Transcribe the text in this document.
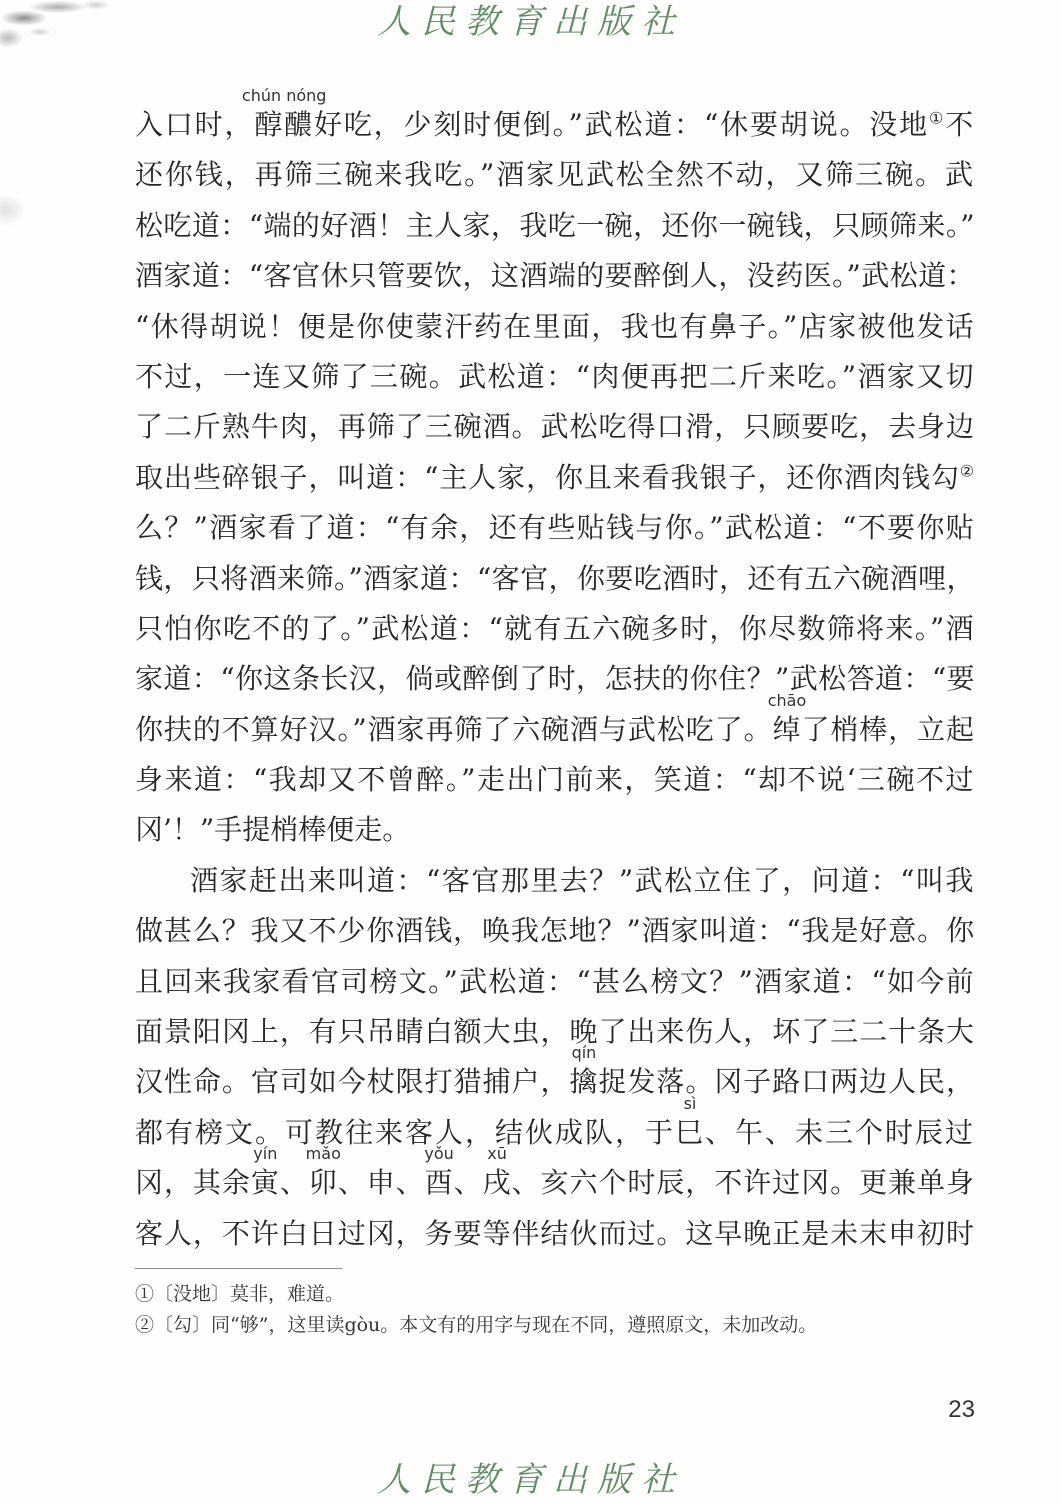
人民教育出版社
入口时，醇醲
chún nóng
好吃，少刻时便倒。”武松道：“休要胡说。没地①不
还你钱，再筛三碗来我吃。”酒家见武松全然不动，又筛三碗。武
松吃道：“端的好酒！主人家，我吃一碗，还你一碗钱，只顾筛来。”
酒家道：“客官休只管要饮，这酒端的要醉倒人，没药医。”武松道：
“休得胡说！便是你使蒙汗药在里面，我也有鼻子。”店家被他发话
不过，一连又筛了三碗。武松道：“肉便再把二斤来吃。”酒家又切
了二斤熟牛肉，再筛了三碗酒。武松吃得口滑，只顾要吃，去身边
取出些碎银子，叫道：“主人家，你且来看我银子，还你酒肉钱勾②
么？”酒家看了道：“有余，还有些贴钱与你。”武松道：“不要你贴
钱，只将酒来筛。”酒家道：“客官，你要吃酒时，还有五六碗酒哩，
只怕你吃不的了。”武松道：“就有五六碗多时，你尽数筛将来。”酒
家道：“你这条长汉，倘或醉倒了时，怎扶的你住？”武松答道：“要
你扶的不算好汉。”酒家再筛了六碗酒与武松吃了。绰
chāo
了梢棒，立起
身来道：“我却又不曾醉。”走出门前来，笑道：“却不说‘三碗不过
冈’！”手提梢棒便走。
酒家赶出来叫道：“客官那里去？”武松立住了，问道：“叫我
做甚么？我又不少你酒钱，唤我怎地？”酒家叫道：“我是好意。你
且回来我家看官司榜文。”武松道：“甚么榜文？”酒家道：“如今前
面景阳冈上，有只吊睛白额大虫，晚了出来伤人，坏了三二十条大
汉性命。官司如今杖限打猎捕户，擒
qín
捉发落。冈子路口两边人民，
都有榜文。可教往来客人，结伙成队，于巳
sì
、午、未三个时辰过
冈，其余寅
yín
、卯
mǎo
、申、酉
yǒu
、戌
xū
、亥六个时辰，不许过冈。更兼单身
客人，不许白日过冈，务要等伴结伙而过。这早晚正是未末申初时
①〔没地〕莫非，难道。
②〔勾〕同“够”，这里读gòu。本文有的用字与现在不同，遵照原文，未加改动。
23
人民教育出版社
